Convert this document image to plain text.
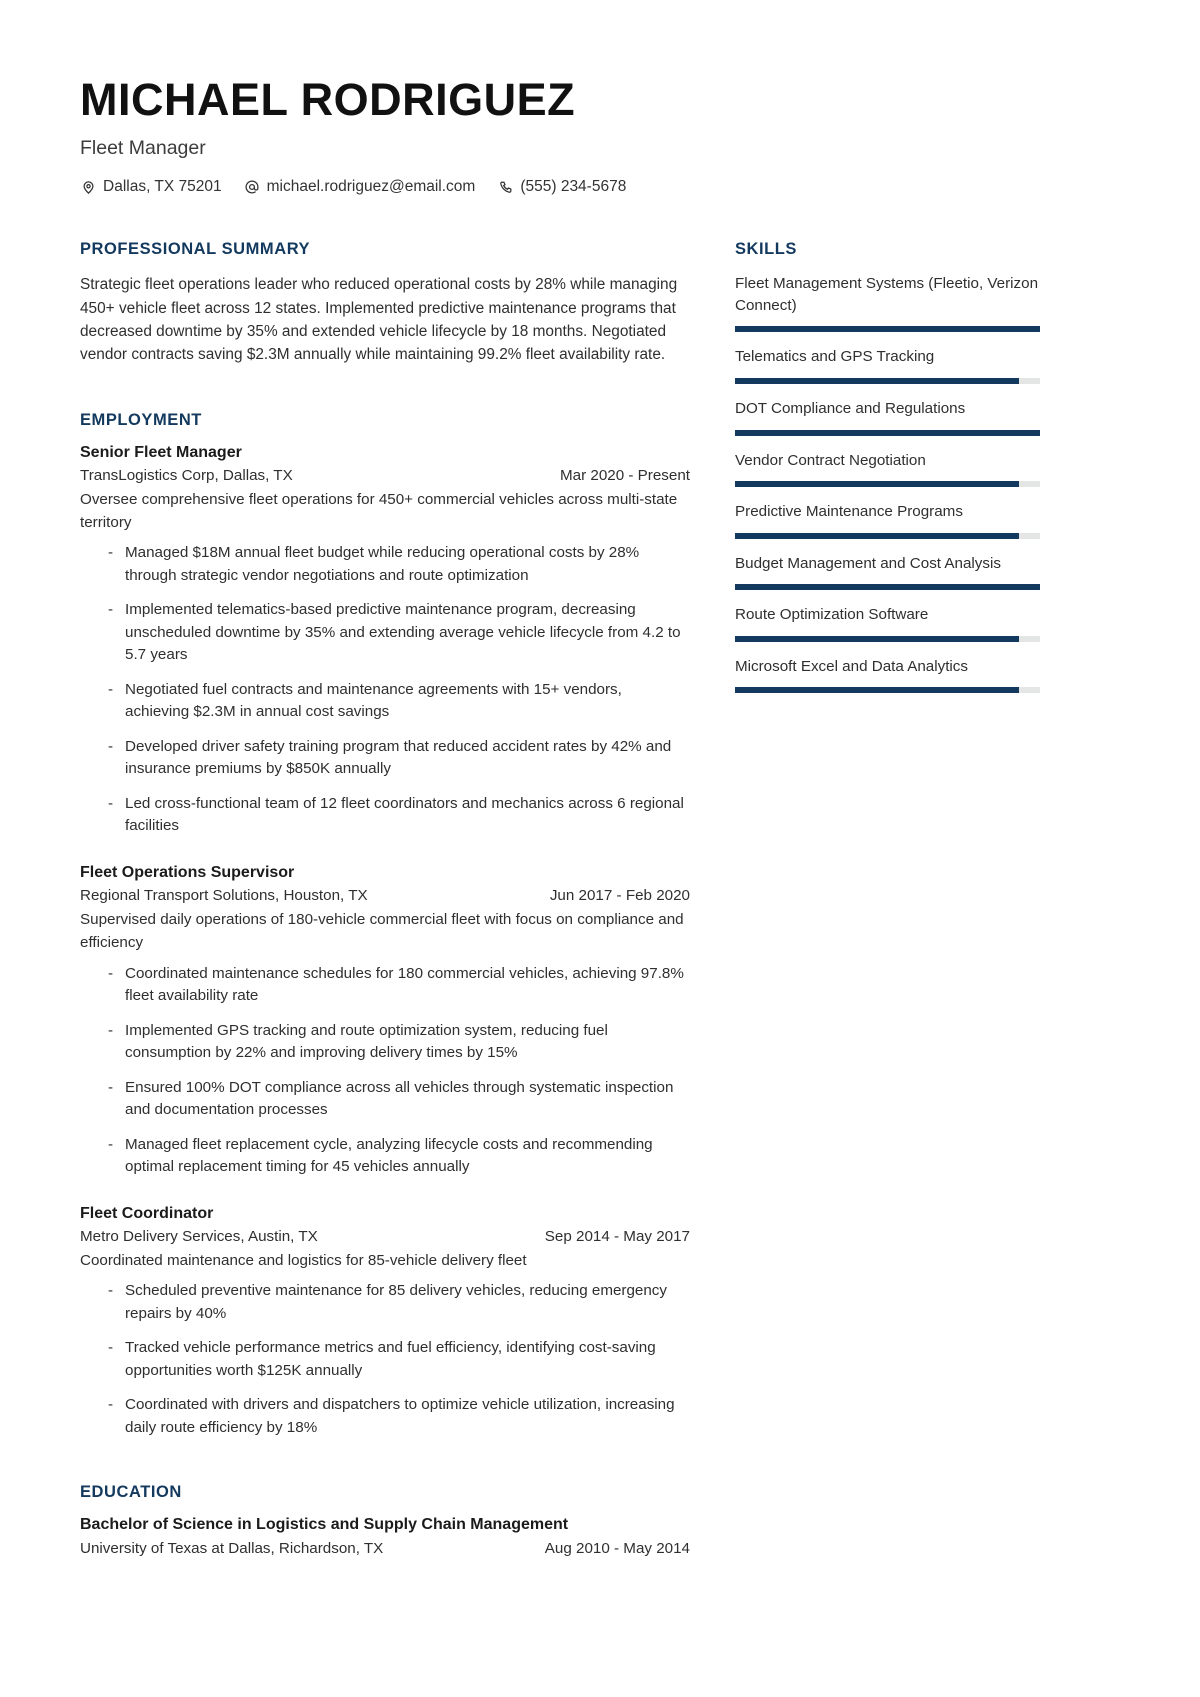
MICHAEL RODRIGUEZ
Fleet Manager
Dallas, TX 75201	michael.rodriguez@email.com	(555) 234-5678
PROFESSIONAL SUMMARY

Strategic fleet operations leader who reduced operational costs by 28% while managing 450+ vehicle fleet across 12 states. Implemented predictive maintenance programs that decreased downtime by 35% and extended vehicle lifecycle by 18 months. Negotiated vendor contracts saving $2.3M annually while maintaining 99.2% fleet availability rate.

EMPLOYMENT
Senior Fleet Manager
TransLogistics Corp, Dallas, TX	Mar 2020 - Present

Oversee comprehensive fleet operations for 450+ commercial vehicles across multi-state territory

- Managed $18M annual fleet budget while reducing operational costs by 28% through strategic vendor negotiations and route optimization
- Implemented telematics-based predictive maintenance program, decreasing unscheduled downtime by 35% and extending average vehicle lifecycle from 4.2 to 5.7 years
- Negotiated fuel contracts and maintenance agreements with 15+ vendors, achieving $2.3M in annual cost savings
- Developed driver safety training program that reduced accident rates by 42% and insurance premiums by $850K annually
- Led cross-functional team of 12 fleet coordinators and mechanics across 6 regional facilities
Fleet Operations Supervisor
Regional Transport Solutions, Houston, TX	Jun 2017 - Feb 2020

Supervised daily operations of 180-vehicle commercial fleet with focus on compliance and efficiency

- Coordinated maintenance schedules for 180 commercial vehicles, achieving 97.8% fleet availability rate
- Implemented GPS tracking and route optimization system, reducing fuel consumption by 22% and improving delivery times by 15%
- Ensured 100% DOT compliance across all vehicles through systematic inspection and documentation processes
- Managed fleet replacement cycle, analyzing lifecycle costs and recommending optimal replacement timing for 45 vehicles annually
Fleet Coordinator
Metro Delivery Services, Austin, TX	Sep 2014 - May 2017

Coordinated maintenance and logistics for 85-vehicle delivery fleet

- Scheduled preventive maintenance for 85 delivery vehicles, reducing emergency repairs by 40%
- Tracked vehicle performance metrics and fuel efficiency, identifying cost-saving opportunities worth $125K annually
- Coordinated with drivers and dispatchers to optimize vehicle utilization, increasing daily route efficiency by 18%
EDUCATION
Bachelor of Science in Logistics and Supply Chain Management
University of Texas at Dallas, Richardson, TX	Aug 2010 - May 2014
SKILLS
Fleet Management Systems (Fleetio, Verizon Connect)
Telematics and GPS Tracking
DOT Compliance and Regulations
Vendor Contract Negotiation
Predictive Maintenance Programs
Budget Management and Cost Analysis
Route Optimization Software
Microsoft Excel and Data Analytics
